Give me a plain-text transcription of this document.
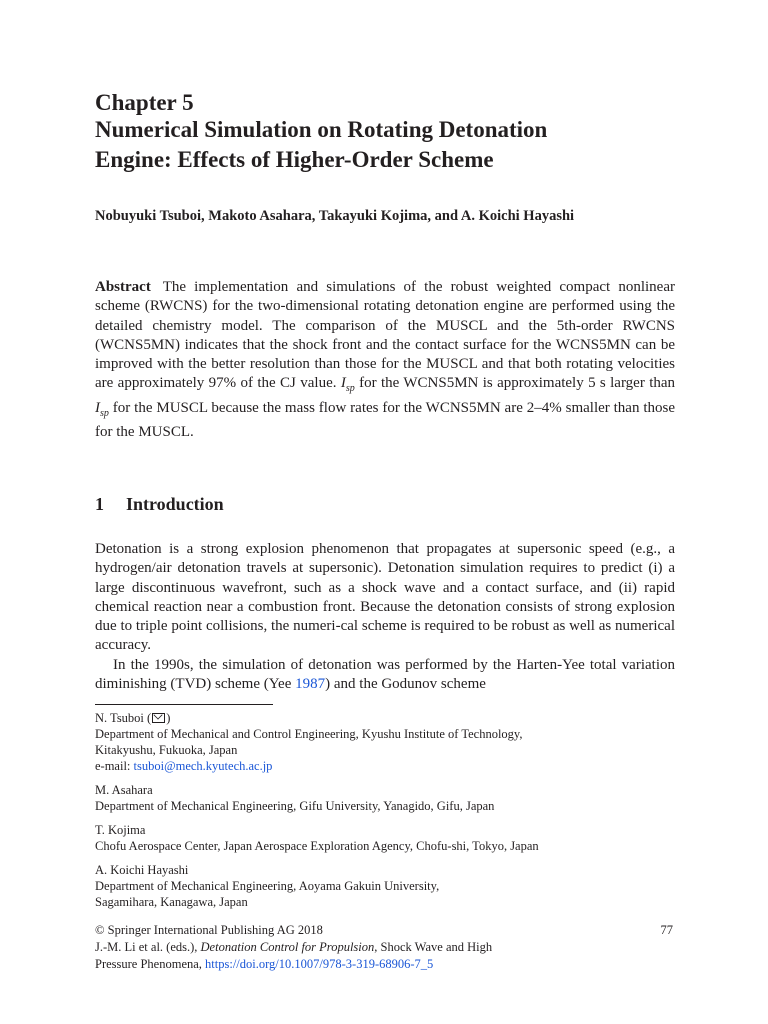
Chapter 5
Numerical Simulation on Rotating Detonation
Engine: Effects of Higher-Order Scheme
Nobuyuki Tsuboi, Makoto Asahara, Takayuki Kojima, and A. Koichi Hayashi
Abstract The implementation and simulations of the robust weighted compact nonlinear scheme (RWCNS) for the two-dimensional rotating detonation engine are performed using the detailed chemistry model. The comparison of the MUSCL and the 5th-order RWCNS (WCNS5MN) indicates that the shock front and the contact surface for the WCNS5MN can be improved with the better resolution than those for the MUSCL and that both rotating velocities are approximately 97% of the CJ value. $I_{sp}$ for the WCNS5MN is approximately 5 s larger than $I_{sp}$ for the MUSCL because the mass flow rates for the WCNS5MN are 2–4% smaller than those for the MUSCL.
1 Introduction

Detonation is a strong explosion phenomenon that propagates at supersonic speed (e.g., a hydrogen/air detonation travels at supersonic). Detonation simulation requires to predict (i) a large discontinuous wavefront, such as a shock wave and a contact surface, and (ii) rapid chemical reaction near a combustion front. Because the detonation consists of strong explosion due to triple point collisions, the numeri-cal scheme is required to be robust as well as numerical accuracy.

In the 1990s, the simulation of detonation was performed by the Harten-Yee total variation diminishing (TVD) scheme (Yee 1987) and the Godunov scheme

N. Tsuboi ( )
Department of Mechanical and Control Engineering, Kyushu Institute of Technology,
Kitakyushu, Fukuoka, Japan
e-mail: tsuboi@mech.kyutech.ac.jp
M. Asahara
Department of Mechanical Engineering, Gifu University, Yanagido, Gifu, Japan
T. Kojima
Chofu Aerospace Center, Japan Aerospace Exploration Agency, Chofu-shi, Tokyo, Japan
A. Koichi Hayashi
Department of Mechanical Engineering, Aoyama Gakuin University,
Sagamihara, Kanagawa, Japan
© Springer International Publishing AG 2018
J.-M. Li et al. (eds.), Detonation Control for Propulsion, Shock Wave and High
Pressure Phenomena, https://doi.org/10.1007/978-3-319-68906-7_5
77
